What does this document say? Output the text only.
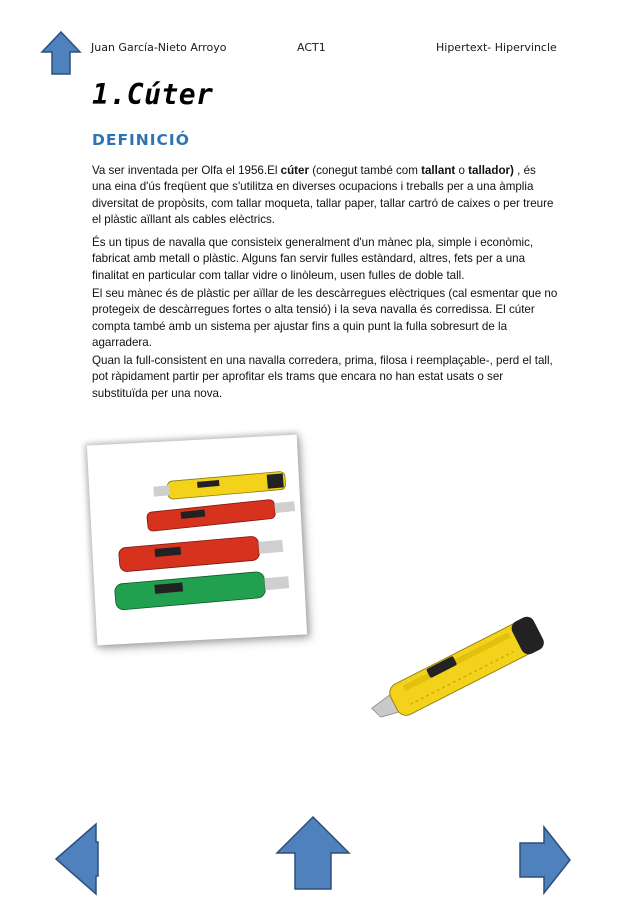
Juan García-Nieto Arroyo	ACT1	Hipertext- Hipervincle
1.Cúter
DEFINICIÓ

Va ser inventada per Olfa el 1956.El cúter (conegut també com tallant o tallador) , és una eina d'ús freqüent que s'utilitza en diverses ocupacions i treballs per a una àmplia diversitat de propòsits, com tallar moqueta, tallar paper, tallar cartró de caixes o per treure el plàstic aïllant als cables elèctrics.

És un tipus de navalla que consisteix generalment d'un mànec pla, simple i econòmic, fabricat amb metall o plàstic. Alguns fan servir fulles estàndard, altres, fets per a una finalitat en particular com tallar vidre o linòleum, usen fulles de doble tall.

El seu mànec és de plàstic per aïllar de les descàrregues elèctriques (cal esmentar que no protegeix de descàrregues fortes o alta tensió) i la seva navalla és corredissa. El cúter compta també amb un sistema per ajustar fins a quin punt la fulla sobresurt de la agarradera.

Quan la full-consistent en una navalla corredera, prima, filosa i reemplaçable-, perd el tall, pot ràpidament partir per aprofitar els trams que encara no han estat usats o ser substituïda per una nova.
